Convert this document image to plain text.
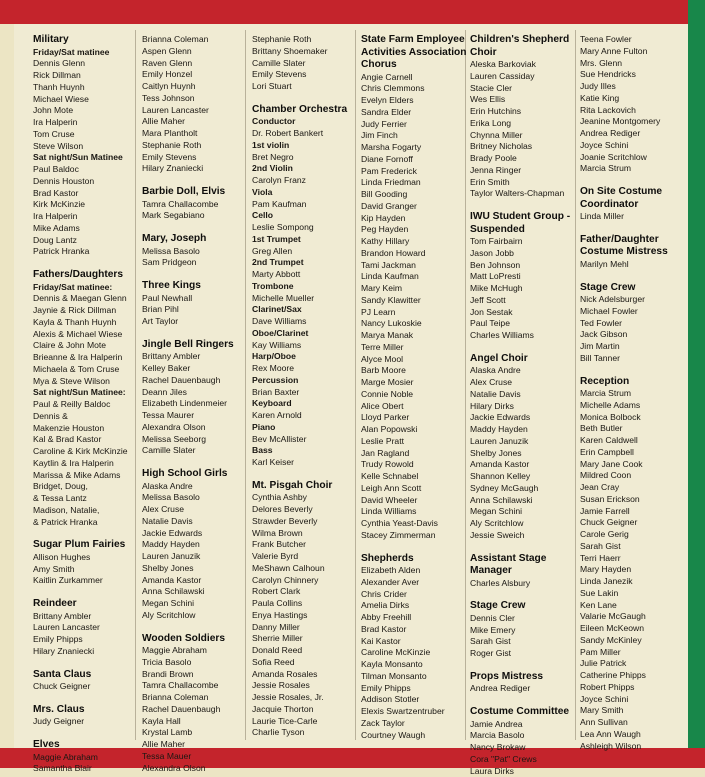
Military
Friday/Sat matinee
Dennis Glenn
Rick Dillman
Thanh Huynh
Michael Wiese
John Mote
Ira Halperin
Tom Cruse
Steve Wilson
Sat night/Sun Matinee
Paul Baldoc
Dennis Houston
Brad Kastor
Kirk McKinzie
Ira Halperin
Mike Adams
Doug Lantz
Patrick Hranka
Fathers/Daughters
Friday/Sat matinee:
Dennis & Maegan Glenn
Jaynie & Rick Dillman
Kayla & Thanh Huynh
Alexis & Michael Wiese
Claire & John Mote
Brieanne & Ira Halperin
Michaela & Tom Cruse
Mya & Steve Wilson
Sat night/Sun Matinee:
Paul & Reilly Baldoc
Dennis &
Makenzie Houston
Kal & Brad Kastor
Caroline & Kirk McKinzie
Kaytlin & Ira Halperin
Marissa & Mike Adams
Bridget, Doug,
& Tessa Lantz
Madison, Natalie,
& Patrick Hranka
Sugar Plum Fairies
Allison Hughes
Amy Smith
Kaitlin Zurkammer
Reindeer
Brittany Ambler
Lauren Lancaster
Emily Phipps
Hilary Znaniecki
Santa Claus
Chuck Geigner
Mrs. Claus
Judy Geigner
Elves
Maggie Abraham
Samantha Blair
Brianna Coleman
Aspen Glenn
Raven Glenn
Emily Honzel
Caitlyn Huynh
Tess Johnson
Lauren Lancaster
Allie Maher
Mara Plantholt
Stephanie Roth
Emily Stevens
Hilary Znaniecki
Barbie Doll, Elvis
Tamra Challacombe
Mark Segabiano
Mary, Joseph
Melissa Basolo
Sam Pridgeon
Three Kings
Paul Newhall
Brian Pihl
Art Taylor
Jingle Bell Ringers
Brittany Ambler
Kelley Baker
Rachel Dauenbaugh
Deann Jiles
Elizabeth Lindenmeier
Tessa Maurer
Alexandra Olson
Melissa Seeborg
Camille Slater
High School Girls
Alaska Andre
Melissa Basolo
Alex Cruse
Natalie Davis
Jackie Edwards
Maddy Hayden
Lauren Januzik
Shelby Jones
Amanda Kastor
Anna Schilawski
Megan Schini
Aly Scritchlow
Wooden Soldiers
Maggie Abraham
Tricia Basolo
Brandi Brown
Tamra Challacombe
Brianna Coleman
Rachel Dauenbaugh
Kayla Hall
Krystal Lamb
Allie Maher
Tessa Mauer
Alexandra Olson
Stephanie Roth
Brittany Shoemaker
Camille Slater
Emily Stevens
Lori Stuart
Chamber Orchestra
Conductor
Dr. Robert Bankert
1st violin
Bret Negro
2nd Violin
Carolyn Franz
Viola
Pam Kaufman
Cello
Leslie Sompong
1st Trumpet
Greg Allen
2nd Trumpet
Marty Abbott
Trombone
Michelle Mueller
Clarinet/Sax
Dave Williams
Oboe/Clarinet
Kay Williams
Harp/Oboe
Rex Moore
Percussion
Brian Baxter
Keyboard
Karen Arnold
Piano
Bev McAllister
Bass
Karl Keiser
Mt. Pisgah Choir
Cynthia Ashby
Delores Beverly
Strawder Beverly
Wilma Brown
Frank Butcher
Valerie Byrd
MeShawn Calhoun
Carolyn Chinnery
Robert Clark
Paula Collins
Enya Hastings
Danny Miller
Sherrie Miller
Donald Reed
Sofia Reed
Amanda Rosales
Jessie Rosales
Jessie Rosales, Jr.
Jacquie Thorton
Laurie Tice-Carle
Charlie Tyson
State Farm Employee Activities Association Chorus
Angie Carnell
Chris Clemmons
Evelyn Elders
Sandra Elder
Judy Ferrier
Jim Finch
Marsha Fogarty
Diane Fornoff
Pam Frederick
Linda Friedman
Bill Gooding
David Granger
Kip Hayden
Peg Hayden
Kathy Hillary
Brandon Howard
Tami Jackman
Linda Kaufman
Mary Keim
Sandy Klawitter
PJ Learn
Nancy Lukoskie
Marya Manak
Terre Miller
Alyce Mool
Barb Moore
Marge Mosier
Connie Noble
Alice Obert
Lloyd Parker
Alan Popowski
Leslie Pratt
Jan Ragland
Trudy Rowold
Kelle Schnabel
Leigh Ann Scott
David Wheeler
Linda Williams
Cynthia Yeast-Davis
Stacey Zimmerman
Shepherds
Elizabeth Alden
Alexander Aver
Chris Crider
Amelia Dirks
Abby Freehill
Brad Kastor
Kai Kastor
Caroline McKinzie
Kayla Monsanto
Tilman Monsanto
Emily Phipps
Addison Stotler
Elexis Swartzentruber
Zack Taylor
Courtney Waugh
Children's Shepherd Choir
Aleska Barkoviak
Lauren Cassiday
Stacie Cler
Wes Ellis
Erin Hutchins
Erika Long
Chynna Miller
Britney Nicholas
Brady Poole
Jenna Ringer
Erin Smith
Taylor Walters-Chapman
IWU Student Group - Suspended
Tom Fairbairn
Jason Jobb
Ben Johnson
Matt LoPresti
Mike McHugh
Jeff Scott
Jon Sestak
Paul Teipe
Charles Williams
Angel Choir
Alaska Andre
Alex Cruse
Natalie Davis
Hilary Dirks
Jackie Edwards
Maddy Hayden
Lauren Januzik
Shelby Jones
Amanda Kastor
Shannon Kelley
Sydney McGaugh
Anna Schilawski
Megan Schini
Aly Scritchlow
Jessie Sweich
Assistant Stage Manager
Charles Alsbury
Stage Crew
Dennis Cler
Mike Emery
Sarah Gist
Roger Gist
Props Mistress
Andrea Rediger
Costume Committee
Jamie Andrea
Marcia Basolo
Nancy Brokaw
Cora "Pat" Crews
Laura Dirks
Teena Fowler
Mary Anne Fulton
Mrs. Glenn
Sue Hendricks
Judy Illes
Katie King
Rita Lackovich
Jeanine Montgomery
Andrea Rediger
Joyce Schini
Joanie Scritchlow
Marcia Strum
On Site Costume Coordinator
Linda Miller
Father/Daughter Costume Mistress
Marilyn Mehl
Stage Crew
Nick Adelsburger
Michael Fowler
Ted Fowler
Jack Gibson
Jim Martin
Bill Tanner
Reception
Marcia Strum
Michelle Adams
Monica Bolbock
Beth Butler
Karen Caldwell
Erin Campbell
Mary Jane Cook
Mildred Coon
Jean Cray
Susan Erickson
Jamie Farrell
Chuck Geigner
Carole Gerig
Sarah Gist
Terri Haerr
Mary Hayden
Linda Janezik
Sue Lakin
Ken Lane
Valarie McGaugh
Eileen McKeown
Sandy McKinley
Pam Miller
Julie Patrick
Catherine Phipps
Robert Phipps
Joyce Schini
Mary Smith
Ann Sullivan
Lea Ann Waugh
Ashleigh Wilson
